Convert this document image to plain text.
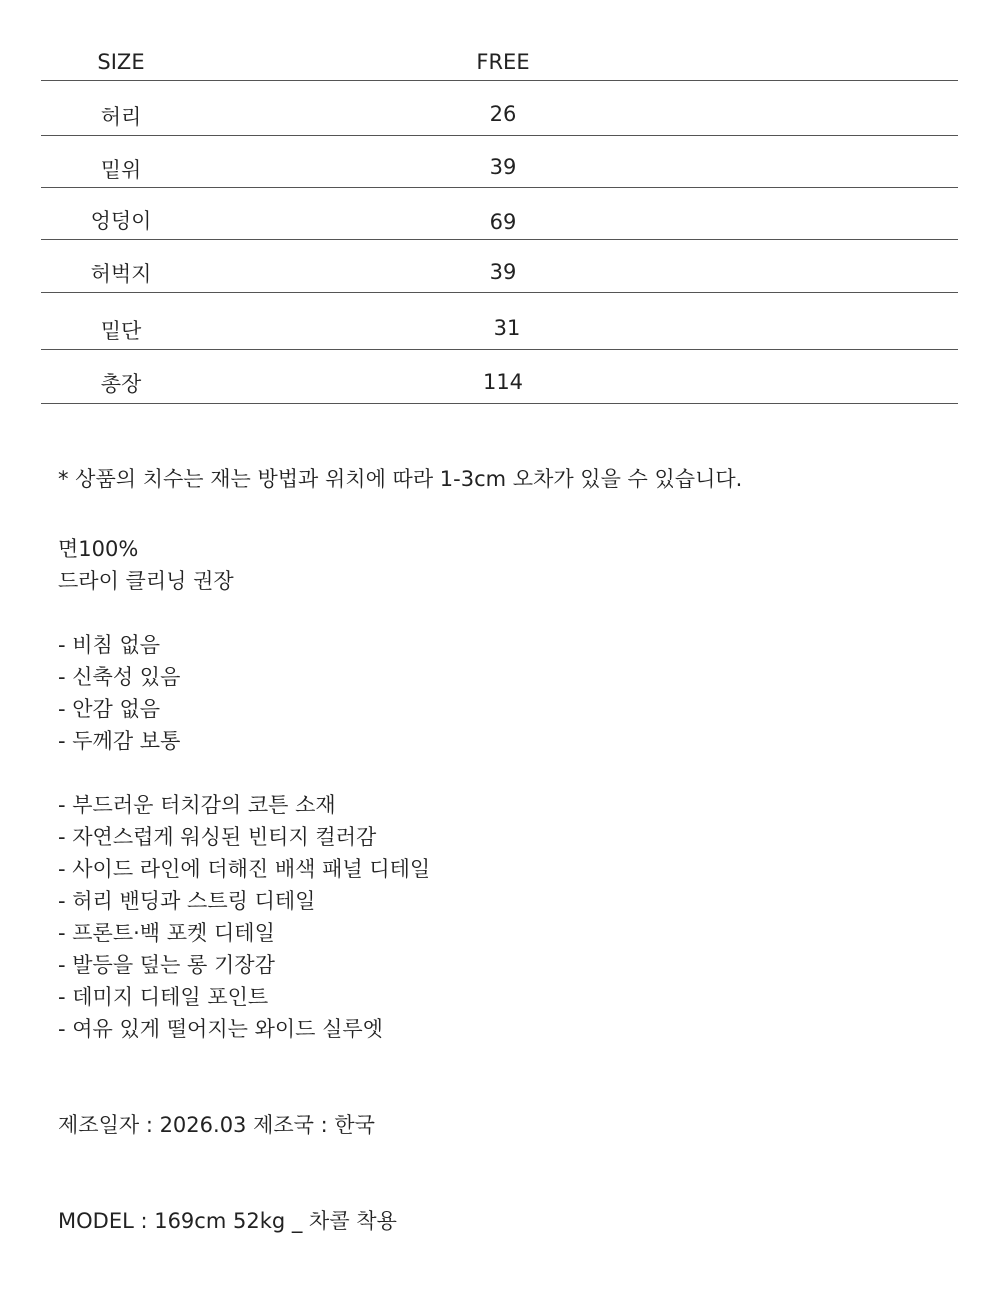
SIZE	FREE
허리	26
밑위	39
엉덩이	69
허벅지	39
밑단	31
총장	114
* 상품의 치수는 재는 방법과 위치에 따라 1-3cm 오차가 있을 수 있습니다.
면100%
드라이 클리닝 권장
- 비침 없음
- 신축성 있음
- 안감 없음
- 두께감 보통
- 부드러운 터치감의 코튼 소재
- 자연스럽게 워싱된 빈티지 컬러감
- 사이드 라인에 더해진 배색 패널 디테일
- 허리 밴딩과 스트링 디테일
- 프론트·백 포켓 디테일
- 발등을 덮는 롱 기장감
- 데미지 디테일 포인트
- 여유 있게 떨어지는 와이드 실루엣
제조일자 : 2026.03 제조국 : 한국
MODEL : 169cm 52kg _ 차콜 착용
